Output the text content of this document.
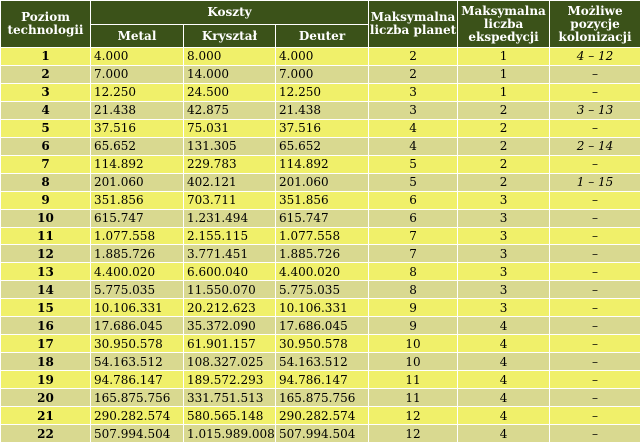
Poziom technologii	Koszty			Maksymalna liczba planet	Maksymalna liczba ekspedycji	Możliwe pozycje kolonizacji
	Metal	Kryształ	Deuter			
1	4.000	8.000	4.000	2	1	4 – 12
2	7.000	14.000	7.000	2	1	–
3	12.250	24.500	12.250	3	1	–
4	21.438	42.875	21.438	3	2	3 – 13
5	37.516	75.031	37.516	4	2	–
6	65.652	131.305	65.652	4	2	2 – 14
7	114.892	229.783	114.892	5	2	–
8	201.060	402.121	201.060	5	2	1 – 15
9	351.856	703.711	351.856	6	3	–
10	615.747	1.231.494	615.747	6	3	–
11	1.077.558	2.155.115	1.077.558	7	3	–
12	1.885.726	3.771.451	1.885.726	7	3	–
13	4.400.020	6.600.040	4.400.020	8	3	–
14	5.775.035	11.550.070	5.775.035	8	3	–
15	10.106.331	20.212.623	10.106.331	9	3	–
16	17.686.045	35.372.090	17.686.045	9	4	–
17	30.950.578	61.901.157	30.950.578	10	4	–
18	54.163.512	108.327.025	54.163.512	10	4	–
19	94.786.147	189.572.293	94.786.147	11	4	–
20	165.875.756	331.751.513	165.875.756	11	4	–
21	290.282.574	580.565.148	290.282.574	12	4	–
22	507.994.504	1.015.989.008	507.994.504	12	4	–
